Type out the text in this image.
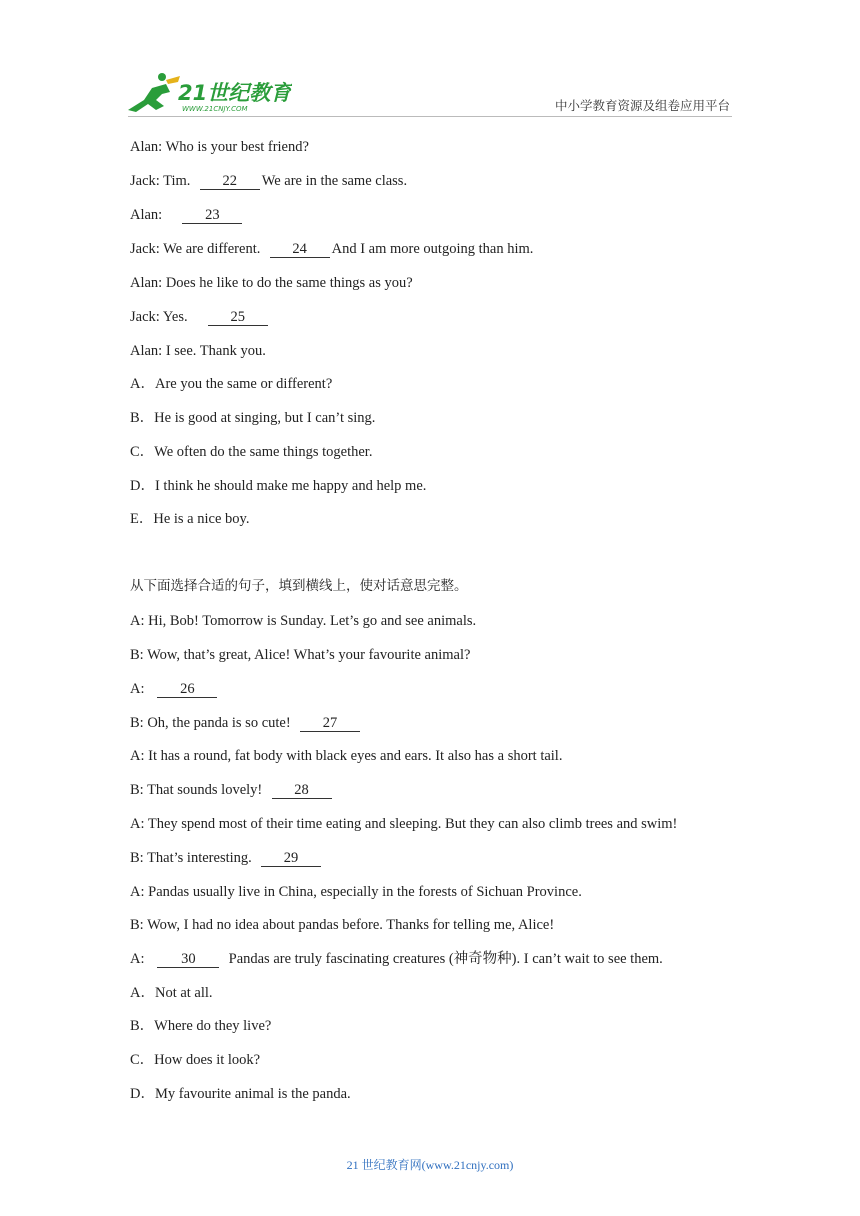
21世纪教育
WWW.21CNJY.COM	中小学教育资源及组卷应用平台
Alan: Who is your best friend?
Jack: Tim. 22 We are in the same class.
Alan:	23
Jack: We are different. 24 And I am more outgoing than him.
Alan: Does he like to do the same things as you?
Jack: Yes.	25
Alan: I see. Thank you.
A．Are you the same or different?
B．He is good at singing, but I can’t sing.
C．We often do the same things together.
D．I think he should make me happy and help me.
E．He is a nice boy.
从下面选择合适的句子，填到横线上，使对话意思完整。
A: Hi, Bob! Tomorrow is Sunday. Let’s go and see animals.
B: Wow, that’s great, Alice! What’s your favourite animal?
A: 26
B: Oh, the panda is so cute! 27
A: It has a round, fat body with black eyes and ears. It also has a short tail.
B: That sounds lovely! 28
A: They spend most of their time eating and sleeping. But they can also climb trees and swim!
B: That’s interesting. 29
A: Pandas usually live in China, especially in the forests of Sichuan Province.
B: Wow, I had no idea about pandas before. Thanks for telling me, Alice!
A:	30 Pandas are truly fascinating creatures (神奇物种). I can’t wait to see them.
A．Not at all.
B．Where do they live?
C．How does it look?
D．My favourite animal is the panda.
21 世纪教育网(www.21cnjy.com)
